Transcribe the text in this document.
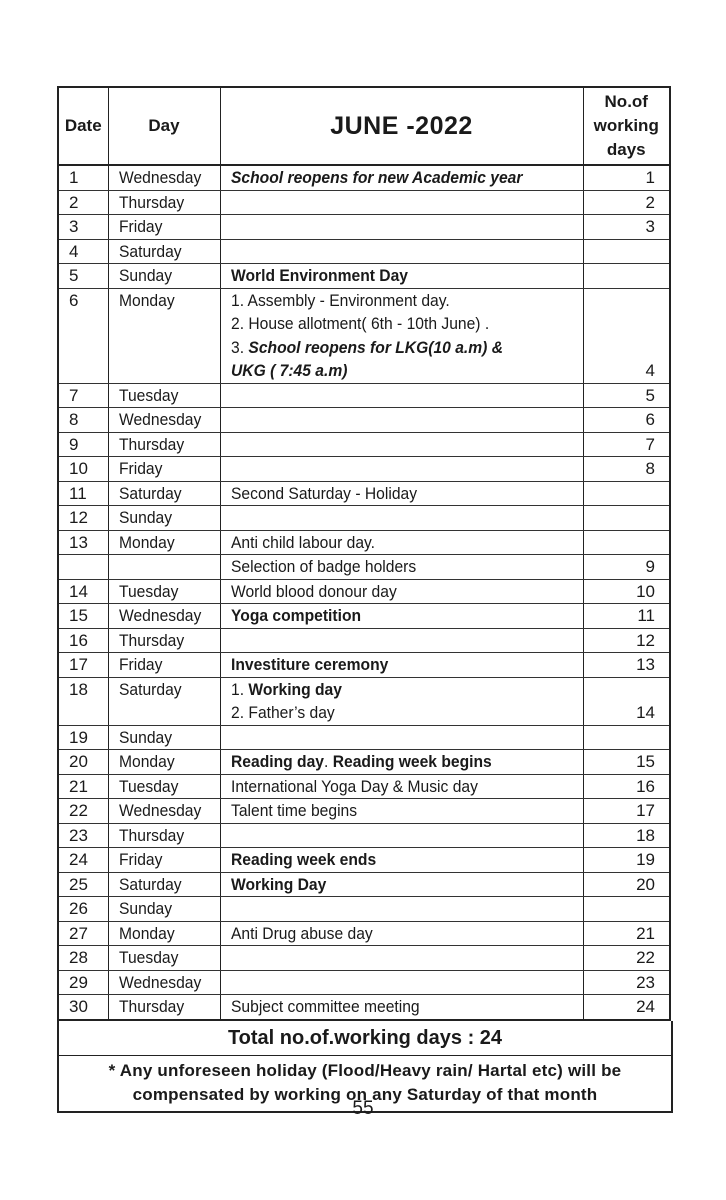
Date	Day	JUNE -2022	No.of
working
days

1	Wednesday	School reopens for new Academic year	1
2	Thursday		2
3	Friday		3
4	Saturday		
5	Sunday	World Environment Day	

6	Monday	1. Assembly - Environment day.
2. House allotment( 6th - 10th June) .
3. School reopens for LKG(10 a.m) &
UKG ( 7:45 a.m)	4
7	Tuesday		5
8	Wednesday		6
9	Thursday		7
10	Friday		8
11	Saturday	Second Saturday - Holiday	

12	Sunday		
13	Monday	Anti child labour day.	

		Selection of badge holders	9
14	Tuesday	World blood donour day	10
15	Wednesday	Yoga competition	11
16	Thursday		12
17	Friday	Investiture ceremony	13
18	Saturday	1. Working day
2. Father’s day	14
19	Sunday		
20	Monday	Reading day. Reading week begins	15
21	Tuesday	International Yoga Day & Music day	16
22	Wednesday	Talent time begins	17
23	Thursday		18
24	Friday	Reading week ends	19
25	Saturday	Working Day	20
26	Sunday		
27	Monday	Anti Drug abuse day	21
28	Tuesday		22
29	Wednesday		23
30	Thursday	Subject committee meeting	24
Total no.of.working days : 24
* Any unforeseen holiday (Flood/Heavy rain/ Hartal etc) will be
compensated by working on any Saturday of that month
55
